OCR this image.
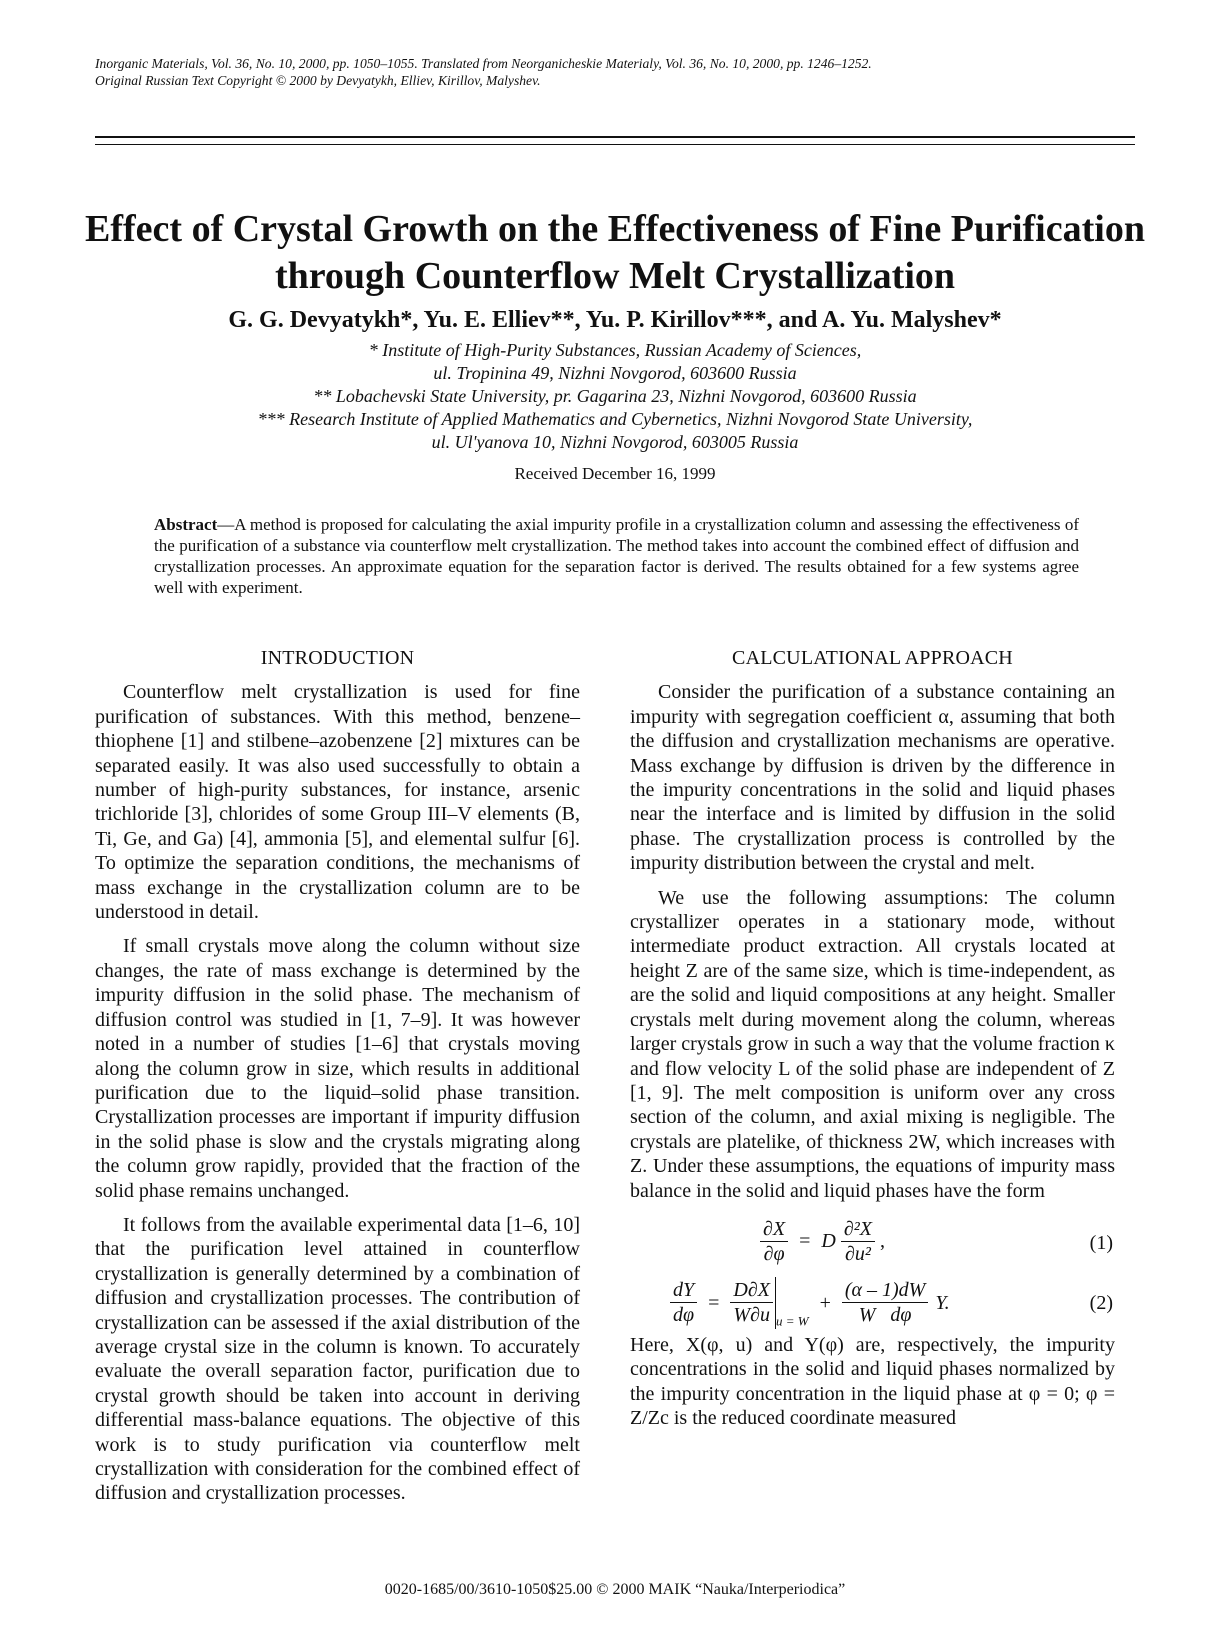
Inorganic Materials, Vol. 36, No. 10, 2000, pp. 1050–1055. Translated from Neorganicheskie Materialy, Vol. 36, No. 10, 2000, pp. 1246–1252.
Original Russian Text Copyright © 2000 by Devyatykh, Elliev, Kirillov, Malyshev.
Effect of Crystal Growth on the Effectiveness of Fine Purification
through Counterflow Melt Crystallization
G. G. Devyatykh*, Yu. E. Elliev**, Yu. P. Kirillov***, and A. Yu. Malyshev*
* Institute of High-Purity Substances, Russian Academy of Sciences,
ul. Tropinina 49, Nizhni Novgorod, 603600 Russia
** Lobachevski State University, pr. Gagarina 23, Nizhni Novgorod, 603600 Russia
*** Research Institute of Applied Mathematics and Cybernetics, Nizhni Novgorod State University,
ul. Ul'yanova 10, Nizhni Novgorod, 603005 Russia
Received December 16, 1999
Abstract—A method is proposed for calculating the axial impurity profile in a crystallization column and assessing the effectiveness of the purification of a substance via counterflow melt crystallization. The method takes into account the combined effect of diffusion and crystallization processes. An approximate equation for the separation factor is derived. The results obtained for a few systems agree well with experiment.
INTRODUCTION

Counterflow melt crystallization is used for fine purification of substances. With this method, benzene–thiophene [1] and stilbene–azobenzene [2] mixtures can be separated easily. It was also used successfully to obtain a number of high-purity substances, for instance, arsenic trichloride [3], chlorides of some Group III–V elements (B, Ti, Ge, and Ga) [4], ammonia [5], and elemental sulfur [6]. To optimize the separation conditions, the mechanisms of mass exchange in the crystallization column are to be understood in detail.

If small crystals move along the column without size changes, the rate of mass exchange is determined by the impurity diffusion in the solid phase. The mechanism of diffusion control was studied in [1, 7–9]. It was however noted in a number of studies [1–6] that crystals moving along the column grow in size, which results in additional purification due to the liquid–solid phase transition. Crystallization processes are important if impurity diffusion in the solid phase is slow and the crystals migrating along the column grow rapidly, provided that the fraction of the solid phase remains unchanged.

It follows from the available experimental data [1–6, 10] that the purification level attained in counterflow crystallization is generally determined by a combination of diffusion and crystallization processes. The contribution of crystallization can be assessed if the axial distribution of the average crystal size in the column is known. To accurately evaluate the overall separation factor, purification due to crystal growth should be taken into account in deriving differential mass-balance equations. The objective of this work is to study purification via counterflow melt crystallization with consideration for the combined effect of diffusion and crystallization processes.

CALCULATIONAL APPROACH

Consider the purification of a substance containing an impurity with segregation coefficient α, assuming that both the diffusion and crystallization mechanisms are operative. Mass exchange by diffusion is driven by the difference in the impurity concentrations in the solid and liquid phases near the interface and is limited by diffusion in the solid phase. The crystallization process is controlled by the impurity distribution between the crystal and melt.

We use the following assumptions: The column crystallizer operates in a stationary mode, without intermediate product extraction. All crystals located at height Z are of the same size, which is time-independent, as are the solid and liquid compositions at any height. Smaller crystals melt during movement along the column, whereas larger crystals grow in such a way that the volume fraction κ and flow velocity L of the solid phase are independent of Z [1, 9]. The melt composition is uniform over any cross section of the column, and axial mixing is negligible. The crystals are platelike, of thickness 2W, which increases with Z. Under these assumptions, the equations of impurity mass balance in the solid and liquid phases have the form

$\frac{\partial X}{\partial\varphi} = D \frac{\text{∂²X}}{\text{∂u²}}$ ,	(1)
$\frac{dY}{d\varphi} = \frac{D\partial X}{W\partial u} _{u = W} + \frac{(\alpha - 1)dW}{\text{W   dφ}} Y$.	(2)

Here, X(φ, u) and Y(φ) are, respectively, the impurity concentrations in the solid and liquid phases normalized by the impurity concentration in the liquid phase at φ = 0; φ = Z/Zc is the reduced coordinate measured

0020-1685/00/3610-1050$25.00 © 2000 MAIK “Nauka/Interperiodica”
